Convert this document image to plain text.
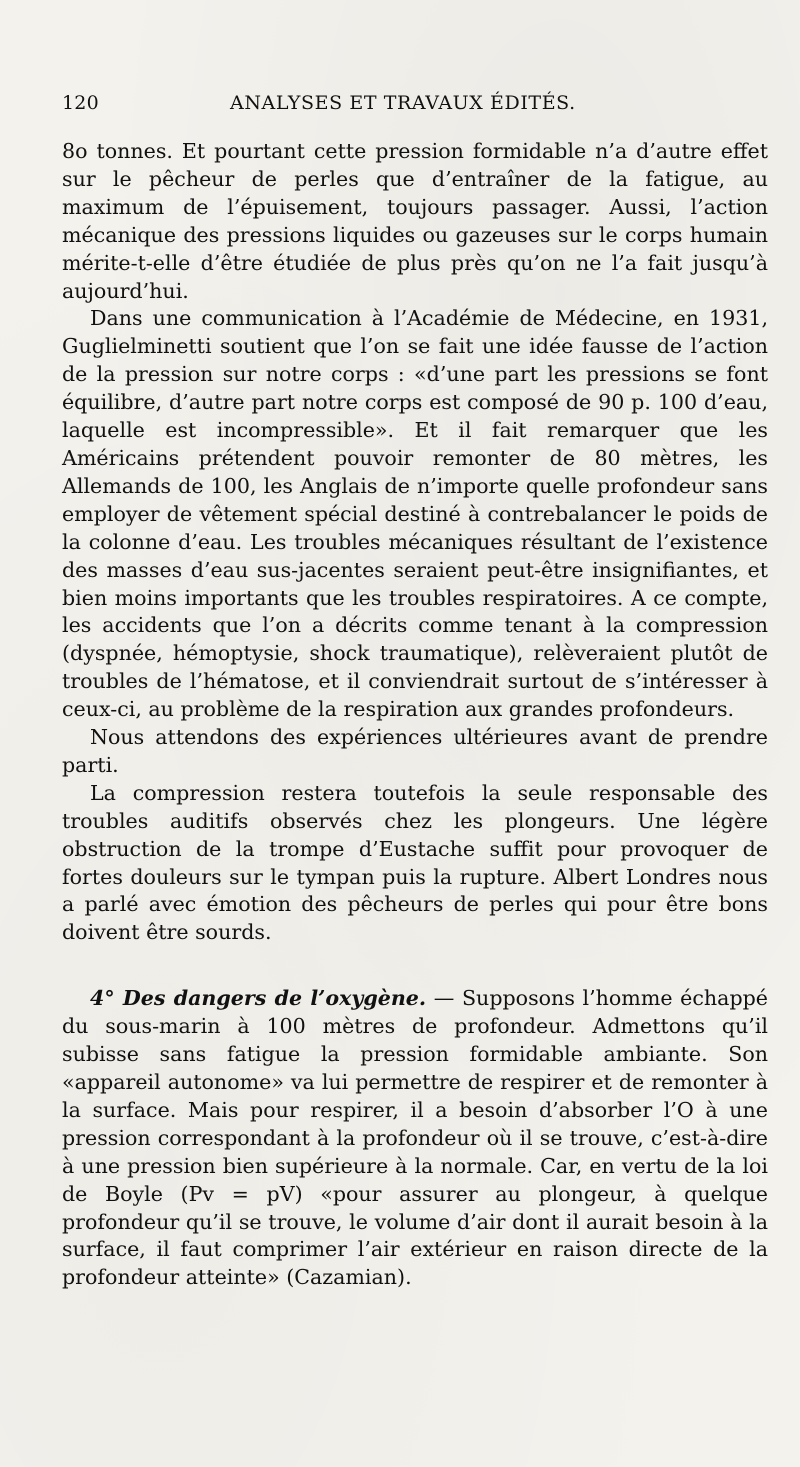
120	ANALYSES ET TRAVAUX ÉDITÉS.

8o tonnes. Et pourtant cette pression formidable n’a d’autre effet sur le pêcheur de perles que d’entraîner de la fatigue, au maximum de l’épuisement, toujours passager. Aussi, l’action mécanique des pressions liquides ou gazeuses sur le corps humain mérite-t-elle d’être étudiée de plus près qu’on ne l’a fait jusqu’à aujourd’hui.

Dans une communication à l’Académie de Médecine, en 1931, Guglielminetti soutient que l’on se fait une idée fausse de l’action de la pression sur notre corps : «d’une part les pressions se font équilibre, d’autre part notre corps est composé de 90 p. 100 d’eau, laquelle est incompressible». Et il fait remarquer que les Américains prétendent pouvoir remonter de 80 mètres, les Allemands de 100, les Anglais de n’importe quelle profondeur sans employer de vêtement spécial destiné à contrebalancer le poids de la colonne d’eau. Les troubles mécaniques résultant de l’existence des masses d’eau sus-jacentes seraient peut-être insignifiantes, et bien moins importants que les troubles respiratoires. A ce compte, les accidents que l’on a décrits comme tenant à la compression (dyspnée, hémoptysie, shock traumatique), relèveraient plutôt de troubles de l’hématose, et il conviendrait surtout de s’intéresser à ceux-ci, au problème de la respiration aux grandes profondeurs.

Nous attendons des expériences ultérieures avant de prendre parti.

La compression restera toutefois la seule responsable des troubles auditifs observés chez les plongeurs. Une légère obstruction de la trompe d’Eustache suffit pour provoquer de fortes douleurs sur le tympan puis la rupture. Albert Londres nous a parlé avec émotion des pêcheurs de perles qui pour être bons doivent être sourds.

4° Des dangers de l’oxygène. — Supposons l’homme échappé du sous-marin à 100 mètres de profondeur. Admettons qu’il subisse sans fatigue la pression formidable ambiante. Son «appareil autonome» va lui permettre de respirer et de remonter à la surface. Mais pour respirer, il a besoin d’absorber l’O à une pression correspondant à la profondeur où il se trouve, c’est-à-dire à une pression bien supérieure à la normale. Car, en vertu de la loi de Boyle (Pv = pV) «pour assurer au plongeur, à quelque profondeur qu’il se trouve, le volume d’air dont il aurait besoin à la surface, il faut comprimer l’air extérieur en raison directe de la profondeur atteinte» (Cazamian).
